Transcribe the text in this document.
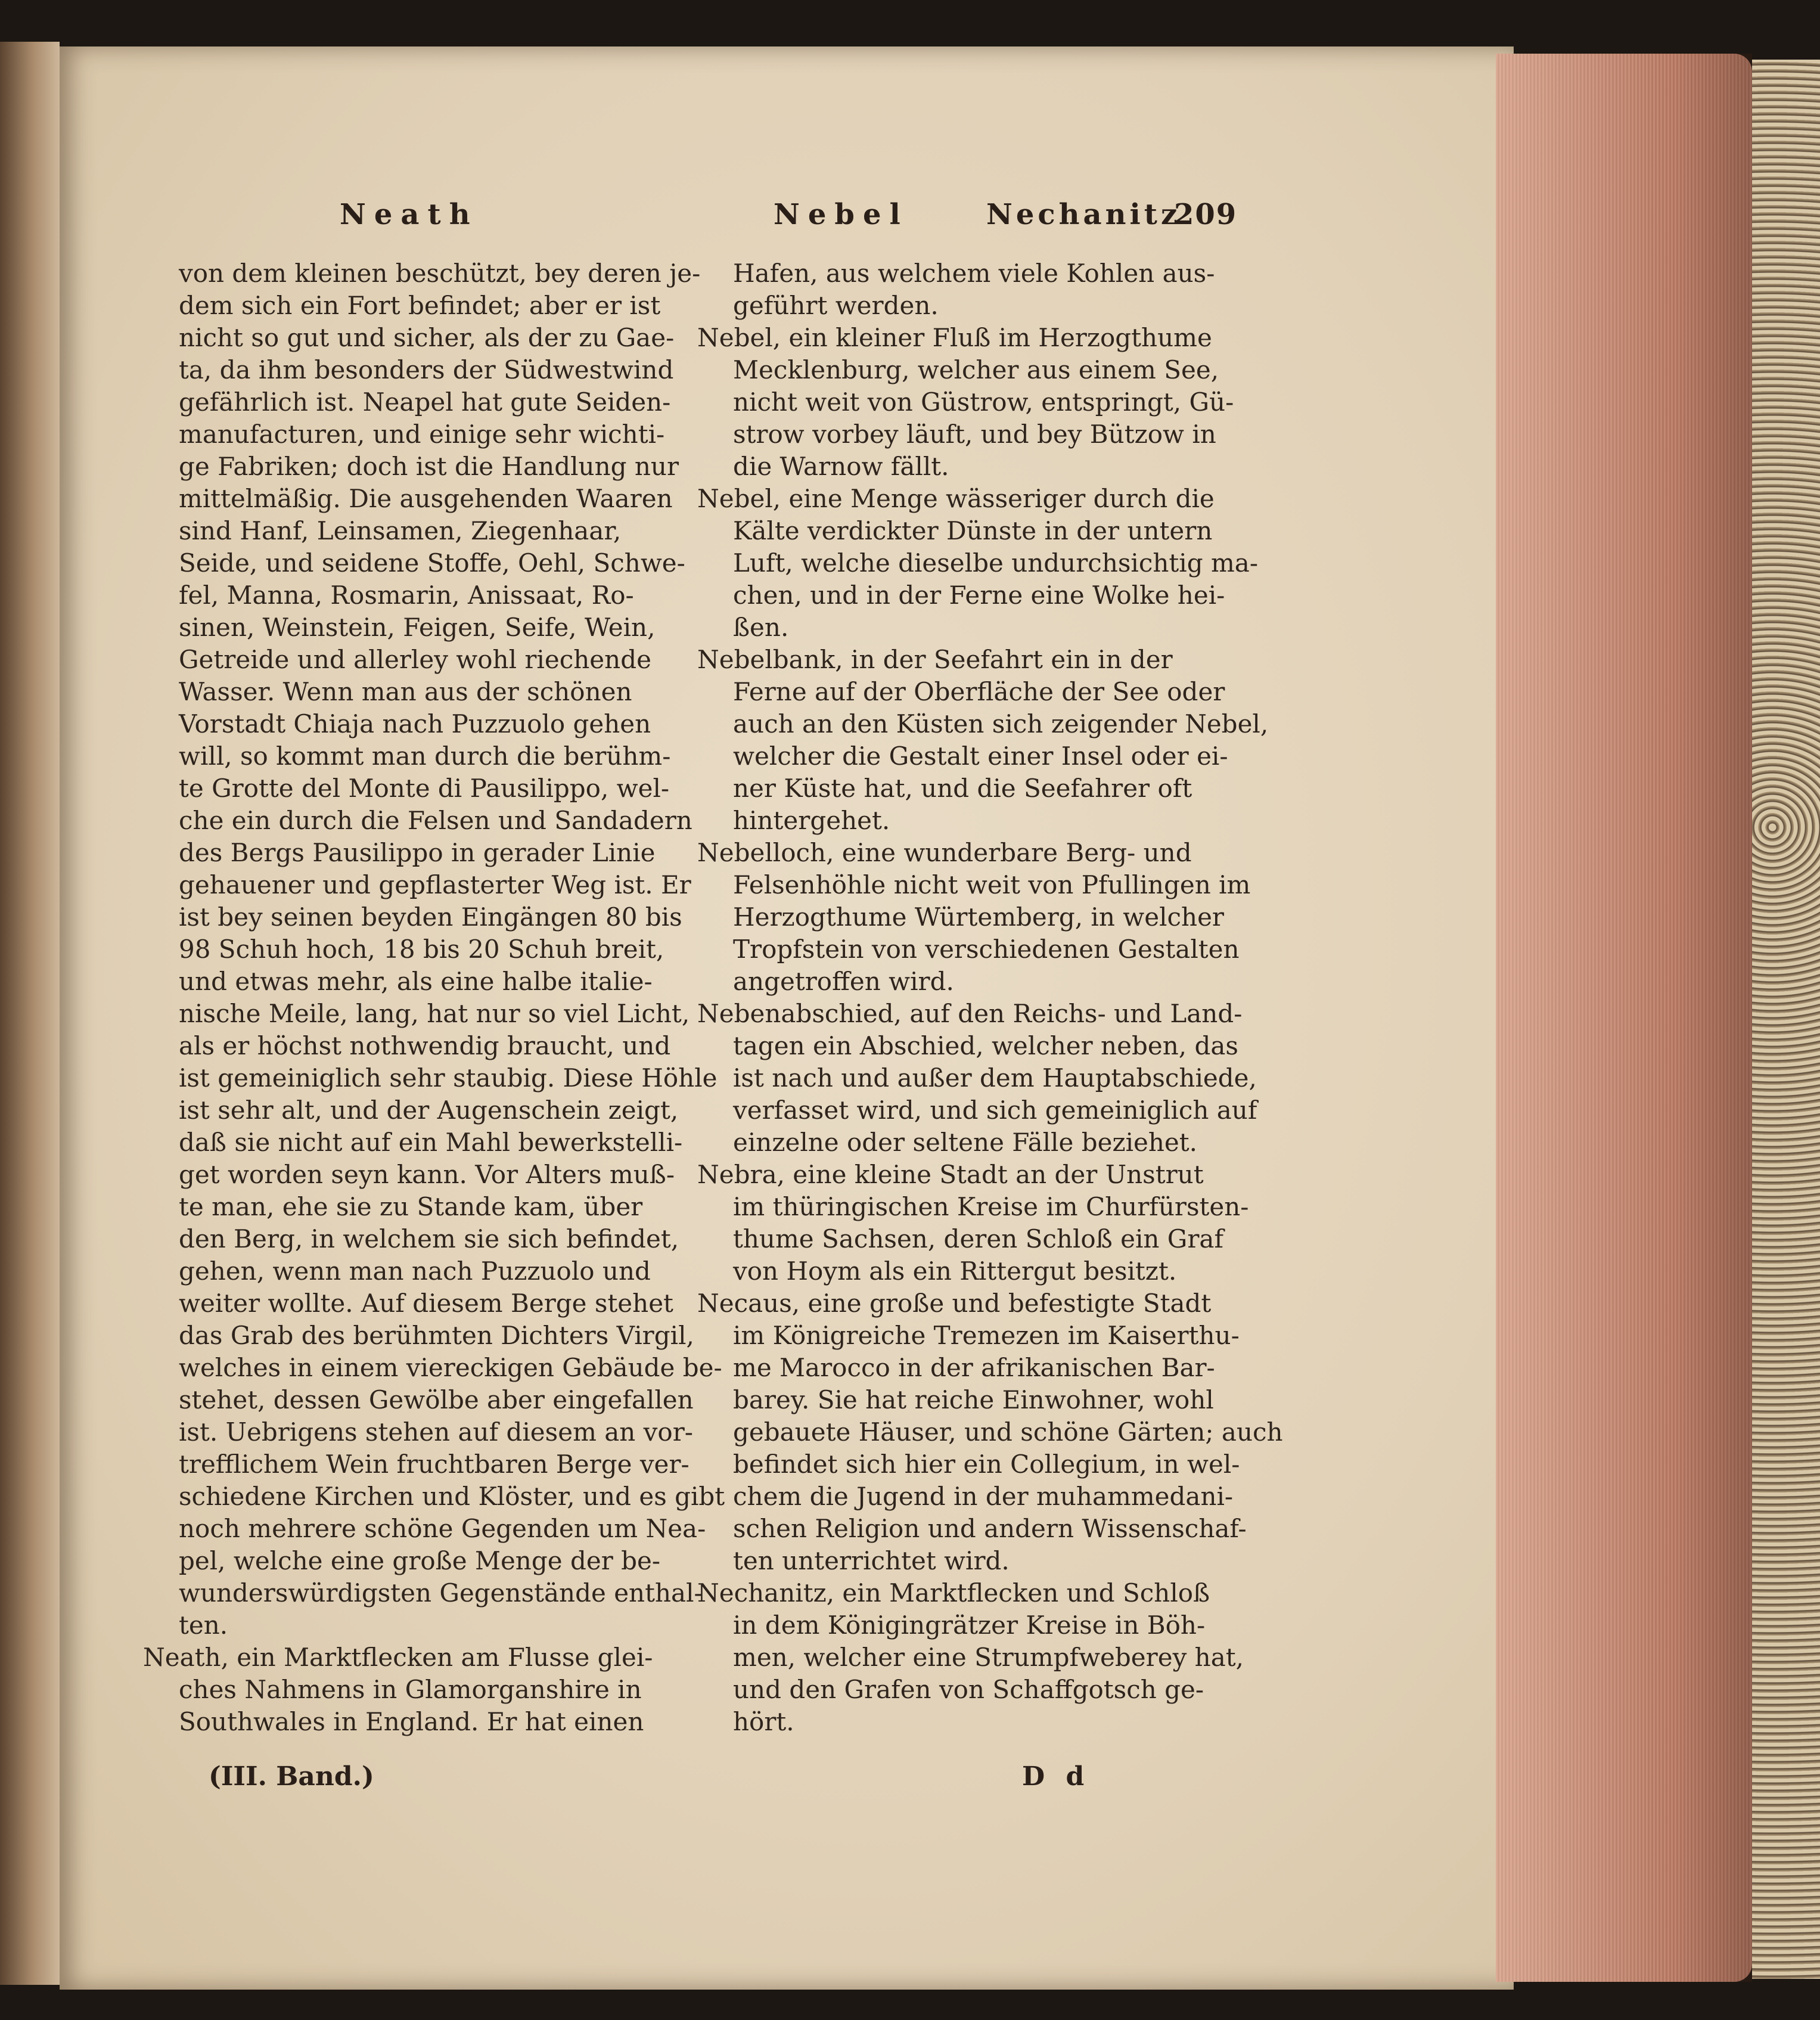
Neath	Nebel	Nechanitz
209
von dem kleinen beschützt, bey deren je-
dem sich ein Fort befindet; aber er ist
nicht so gut und sicher, als der zu Gae-
ta, da ihm besonders der Südwestwind
gefährlich ist. Neapel hat gute Seiden-
manufacturen, und einige sehr wichti-
ge Fabriken; doch ist die Handlung nur
mittelmäßig. Die ausgehenden Waaren
sind Hanf, Leinsamen, Ziegenhaar,
Seide, und seidene Stoffe, Oehl, Schwe-
fel, Manna, Rosmarin, Anissaat, Ro-
sinen, Weinstein, Feigen, Seife, Wein,
Getreide und allerley wohl riechende
Wasser. Wenn man aus der schönen
Vorstadt Chiaja nach Puzzuolo gehen
will, so kommt man durch die berühm-
te Grotte del Monte di Pausilippo, wel-
che ein durch die Felsen und Sandadern
des Bergs Pausilippo in gerader Linie
gehauener und gepflasterter Weg ist. Er
ist bey seinen beyden Eingängen 80 bis
98 Schuh hoch, 18 bis 20 Schuh breit,
und etwas mehr, als eine halbe italie-
nische Meile, lang, hat nur so viel Licht,
als er höchst nothwendig braucht, und
ist gemeiniglich sehr staubig. Diese Höhle
ist sehr alt, und der Augenschein zeigt,
daß sie nicht auf ein Mahl bewerkstelli-
get worden seyn kann. Vor Alters muß-
te man, ehe sie zu Stande kam, über
den Berg, in welchem sie sich befindet,
gehen, wenn man nach Puzzuolo und
weiter wollte. Auf diesem Berge stehet
das Grab des berühmten Dichters Virgil,
welches in einem viereckigen Gebäude be-
stehet, dessen Gewölbe aber eingefallen
ist. Uebrigens stehen auf diesem an vor-
trefflichem Wein fruchtbaren Berge ver-
schiedene Kirchen und Klöster, und es gibt
noch mehrere schöne Gegenden um Nea-
pel, welche eine große Menge der be-
wunderswürdigsten Gegenstände enthal-
ten.
Neath, ein Marktflecken am Flusse glei-
ches Nahmens in Glamorganshire in
Southwales in England. Er hat einen
Hafen, aus welchem viele Kohlen aus-
geführt werden.
Nebel, ein kleiner Fluß im Herzogthume
Mecklenburg, welcher aus einem See,
nicht weit von Güstrow, entspringt, Gü-
strow vorbey läuft, und bey Bützow in
die Warnow fällt.
Nebel, eine Menge wässeriger durch die
Kälte verdickter Dünste in der untern
Luft, welche dieselbe undurchsichtig ma-
chen, und in der Ferne eine Wolke hei-
ßen.
Nebelbank, in der Seefahrt ein in der
Ferne auf der Oberfläche der See oder
auch an den Küsten sich zeigender Nebel,
welcher die Gestalt einer Insel oder ei-
ner Küste hat, und die Seefahrer oft
hintergehet.
Nebelloch, eine wunderbare Berg- und
Felsenhöhle nicht weit von Pfullingen im
Herzogthume Würtemberg, in welcher
Tropfstein von verschiedenen Gestalten
angetroffen wird.
Nebenabschied, auf den Reichs- und Land-
tagen ein Abschied, welcher neben, das
ist nach und außer dem Hauptabschiede,
verfasset wird, und sich gemeiniglich auf
einzelne oder seltene Fälle beziehet.
Nebra, eine kleine Stadt an der Unstrut
im thüringischen Kreise im Churfürsten-
thume Sachsen, deren Schloß ein Graf
von Hoym als ein Rittergut besitzt.
Necaus, eine große und befestigte Stadt
im Königreiche Tremezen im Kaiserthu-
me Marocco in der afrikanischen Bar-
barey. Sie hat reiche Einwohner, wohl
gebauete Häuser, und schöne Gärten; auch
befindet sich hier ein Collegium, in wel-
chem die Jugend in der muhammedani-
schen Religion und andern Wissenschaf-
ten unterrichtet wird.
Nechanitz, ein Marktflecken und Schloß
in dem Königingrätzer Kreise in Böh-
men, welcher eine Strumpfweberey hat,
und den Grafen von Schaffgotsch ge-
hört.
(III. Band.)	D d
